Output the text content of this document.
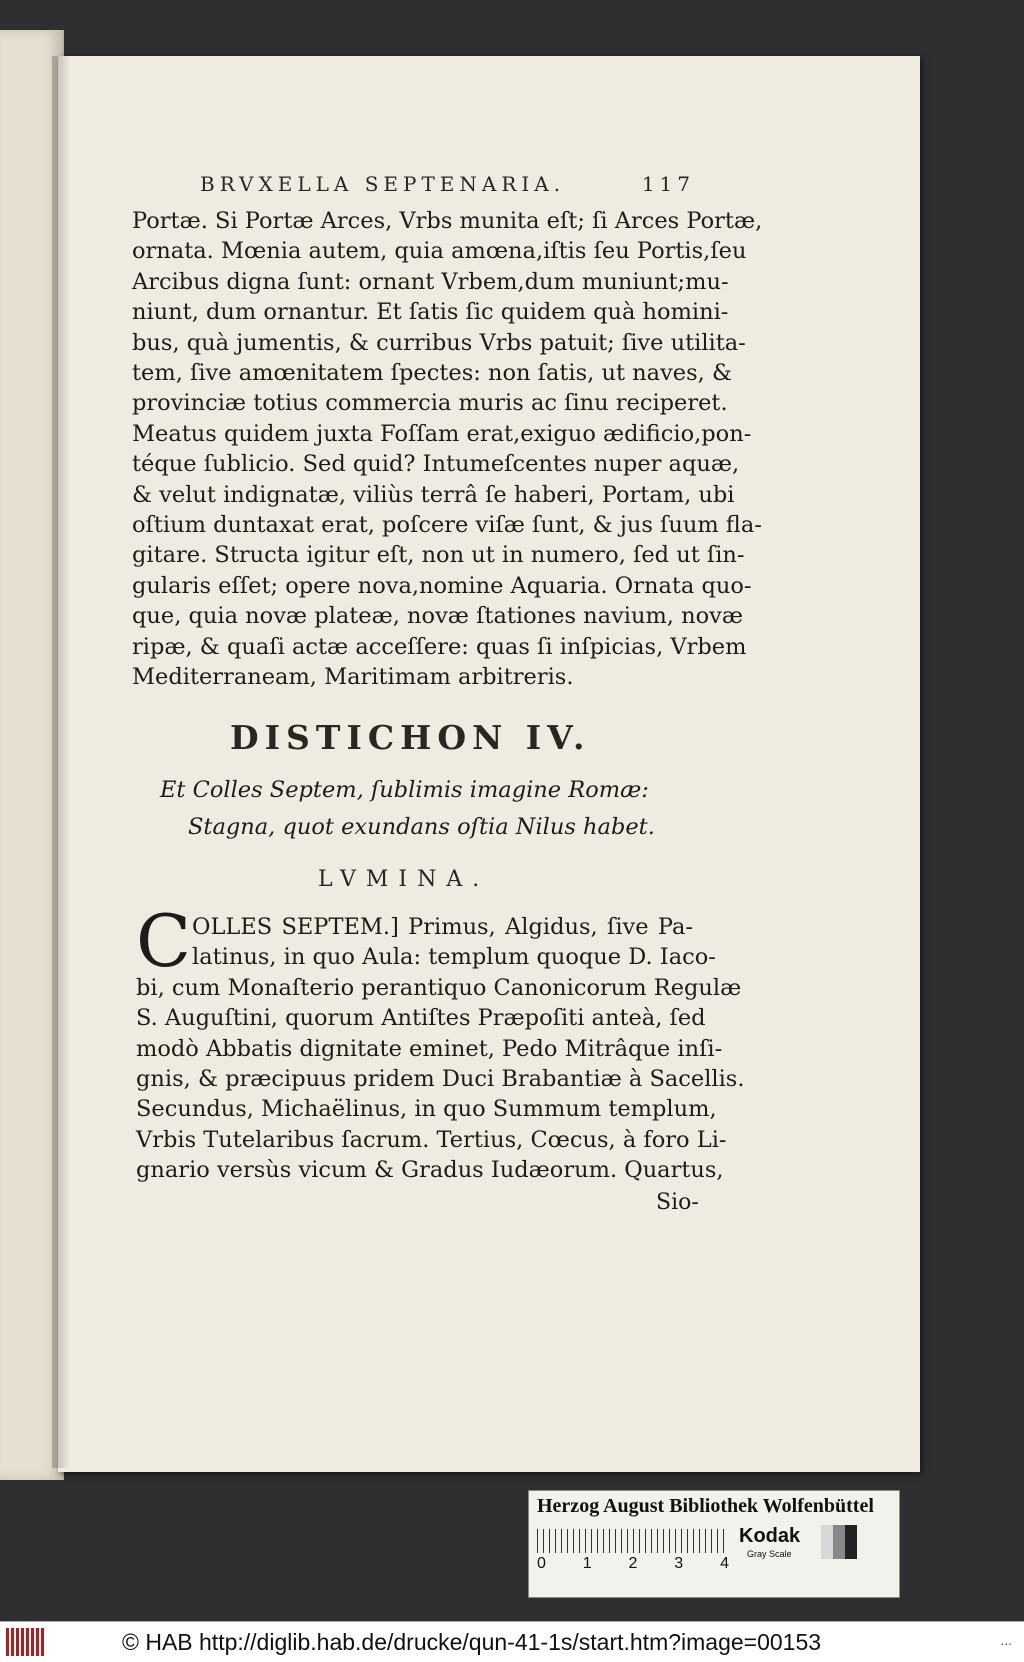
BRVXELLA SEPTENARIA.	117
Portæ. Si Portæ Arces, Vrbs munita eſt; ſi Arces Portæ,
ornata. Mœnia autem, quia amœna,iſtis ſeu Portis,ſeu
Arcibus digna ſunt: ornant Vrbem,dum muniunt;mu-
niunt, dum ornantur. Et ſatis ſic quidem quà homini-
bus, quà jumentis, & curribus Vrbs patuit; ſive utilita-
tem, ſive amœnitatem ſpectes: non ſatis, ut naves, &
provinciæ totius commercia muris ac ſinu reciperet.
Meatus quidem juxta Foſſam erat,exiguo ædificio,pon-
téque ſublicio. Sed quid? Intumeſcentes nuper aquæ,
& velut indignatæ, viliùs terrâ ſe haberi, Portam, ubi
oſtium duntaxat erat, poſcere viſæ ſunt, & jus ſuum fla-
gitare. Structa igitur eſt, non ut in numero, ſed ut ſin-
gularis eſſet; opere nova,nomine Aquaria. Ornata quo-
que, quia novæ plateæ, novæ ſtationes navium, novæ
ripæ, & quaſi actæ acceſſere: quas ſi inſpicias, Vrbem
Mediterraneam, Maritimam arbitreris.
DISTICHON IV.
Et Colles Septem, ſublimis imagine Romæ:
Stagna, quot exundans oſtia Nilus habet.
LVMINA.
C OLLES SEPTEM.] Primus, Algidus, ſive Pa-
latinus, in quo Aula: templum quoque D. Iaco-
bi, cum Monaſterio perantiquo Canonicorum Regulæ
S. Auguſtini, quorum Antiſtes Præpoſiti anteà, ſed
modò Abbatis dignitate eminet, Pedo Mitrâque inſi-
gnis, & præcipuus pridem Duci Brabantiæ à Sacellis.
Secundus, Michaëlinus, in quo Summum templum,
Vrbis Tutelaribus ſacrum. Tertius, Cœcus, à foro Li-
gnario versùs vicum & Gradus Iudæorum. Quartus,
Sio-
Herzog August Bibliothek Wolfenbüttel
0 1 2 3 4
Kodak
Gray Scale
© HAB http://diglib.hab.de/drucke/qun-41-1s/start.htm?image=00153	...
